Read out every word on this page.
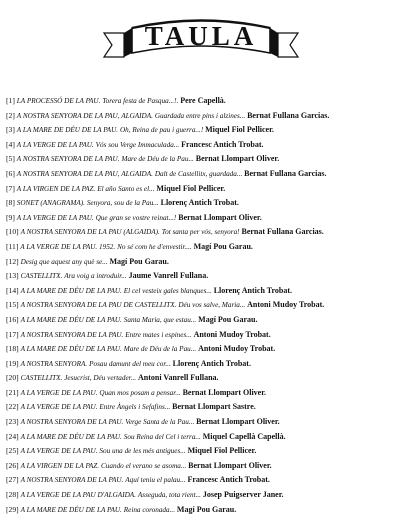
TAULA
[1] LA PROCESSÓ DE LA PAU. Torera festa de Pasqua...!. Pere Capellà.
[2] A NOSTRA SENYORA DE LA PAU, ALGAIDA. Guardada entre pins i alzines... Bernat Fullana Garcias.
[3] A LA MARE DE DÉU DE LA PAU. Oh, Reina de pau i guerra...! Miquel Fiol Pellicer.
[4] A LA VERGE DE LA PAU. Vós sou Verge Immaculada... Francesc Antich Trobat.
[5] A NOSTRA SENYORA DE LA PAU. Mare de Déu de la Pau... Bernat Llompart Oliver.
[6] A NOSTRA SENYORA DE LA PAU, ALGAIDA. Dalt de Castellitx, guardada... Bernat Fullana Garcias.
[7] A LA VIRGEN DE LA PAZ. El año Santo es el... Miquel Fiol Pellicer.
[8] SONET (ANAGRAMA). Senyora, sou de la Pau... Llorenç Antich Trobat.
[9] A LA VERGE DE LA PAU. Que gran se vostre reinat...! Bernat Llompart Oliver.
[10] A NOSTRA SENYORA DE LA PAU (ALGAIDA). Tot santa per vós, senyora! Bernat Fullana Garcias.
[11] A LA VERGE DE LA PAU. 1952. No sé com he d'envestir.... Magí Pou Garau.
[12] Desig que aquest any què se... Magí Pou Garau.
[13] CASTELLITX. Ara voig a introduir... Jaume Vanrell Fullana.
[14] A LA MARE DE DÉU DE LA PAU. El cel vesteix gales blanques... Llorenç Antich Trobat.
[15] A NOSTRA SENYORA DE LA PAU DE CASTELLITX. Déu vos salve, Maria... Antoni Mudoy Trobat.
[16] A LA MARE DE DÉU DE LA PAU. Santa Maria, que estau... Magí Pou Garau.
[17] A NOSTRA SENYORA DE LA PAU. Entre mates i espines... Antoni Mudoy Trobat.
[18] A LA MARE DE DÉU DE LA PAU. Mare de Déu de la Pau... Antoni Mudoy Trobat.
[19] A NOSTRA SENYORA. Posau damunt del meu cor... Llorenç Antich Trobat.
[20] CASTELLITX. Jesucrist, Déu vertader... Antoni Vanrell Fullana.
[21] A LA VERGE DE LA PAU. Quan mos posam a pensar... Bernat Llompart Oliver.
[22] A LA VERGE DE LA PAU. Entre Àngels i Sefafins... Bernat Llompart Sastre.
[23] A NOSTRA SENYORA DE LA PAU. Verge Santa de la Pau... Bernat Llompart Oliver.
[24] A LA MARE DE DÉU DE LA PAU. Sou Reina del Cel i terra... Miquel Capellà Capellà.
[25] A LA VERGE DE LA PAU. Sou una de les més antigues... Miquel Fiol Pellicer.
[26] A LA VIRGEN DE LA PAZ. Cuando el verano se asoma... Bernat Llompart Oliver.
[27] A NOSTRA SENYORA DE LA PAU. Aquí teniu el palau... Francesc Antich Trobat.
[28] A LA VERGE DE LA PAU D'ALGAIDA. Asseguda, tota rient... Josep Puigserver Janer.
[29] A LA MARE DE DÉU DE LA PAU. Reina coronada... Magí Pou Garau.
